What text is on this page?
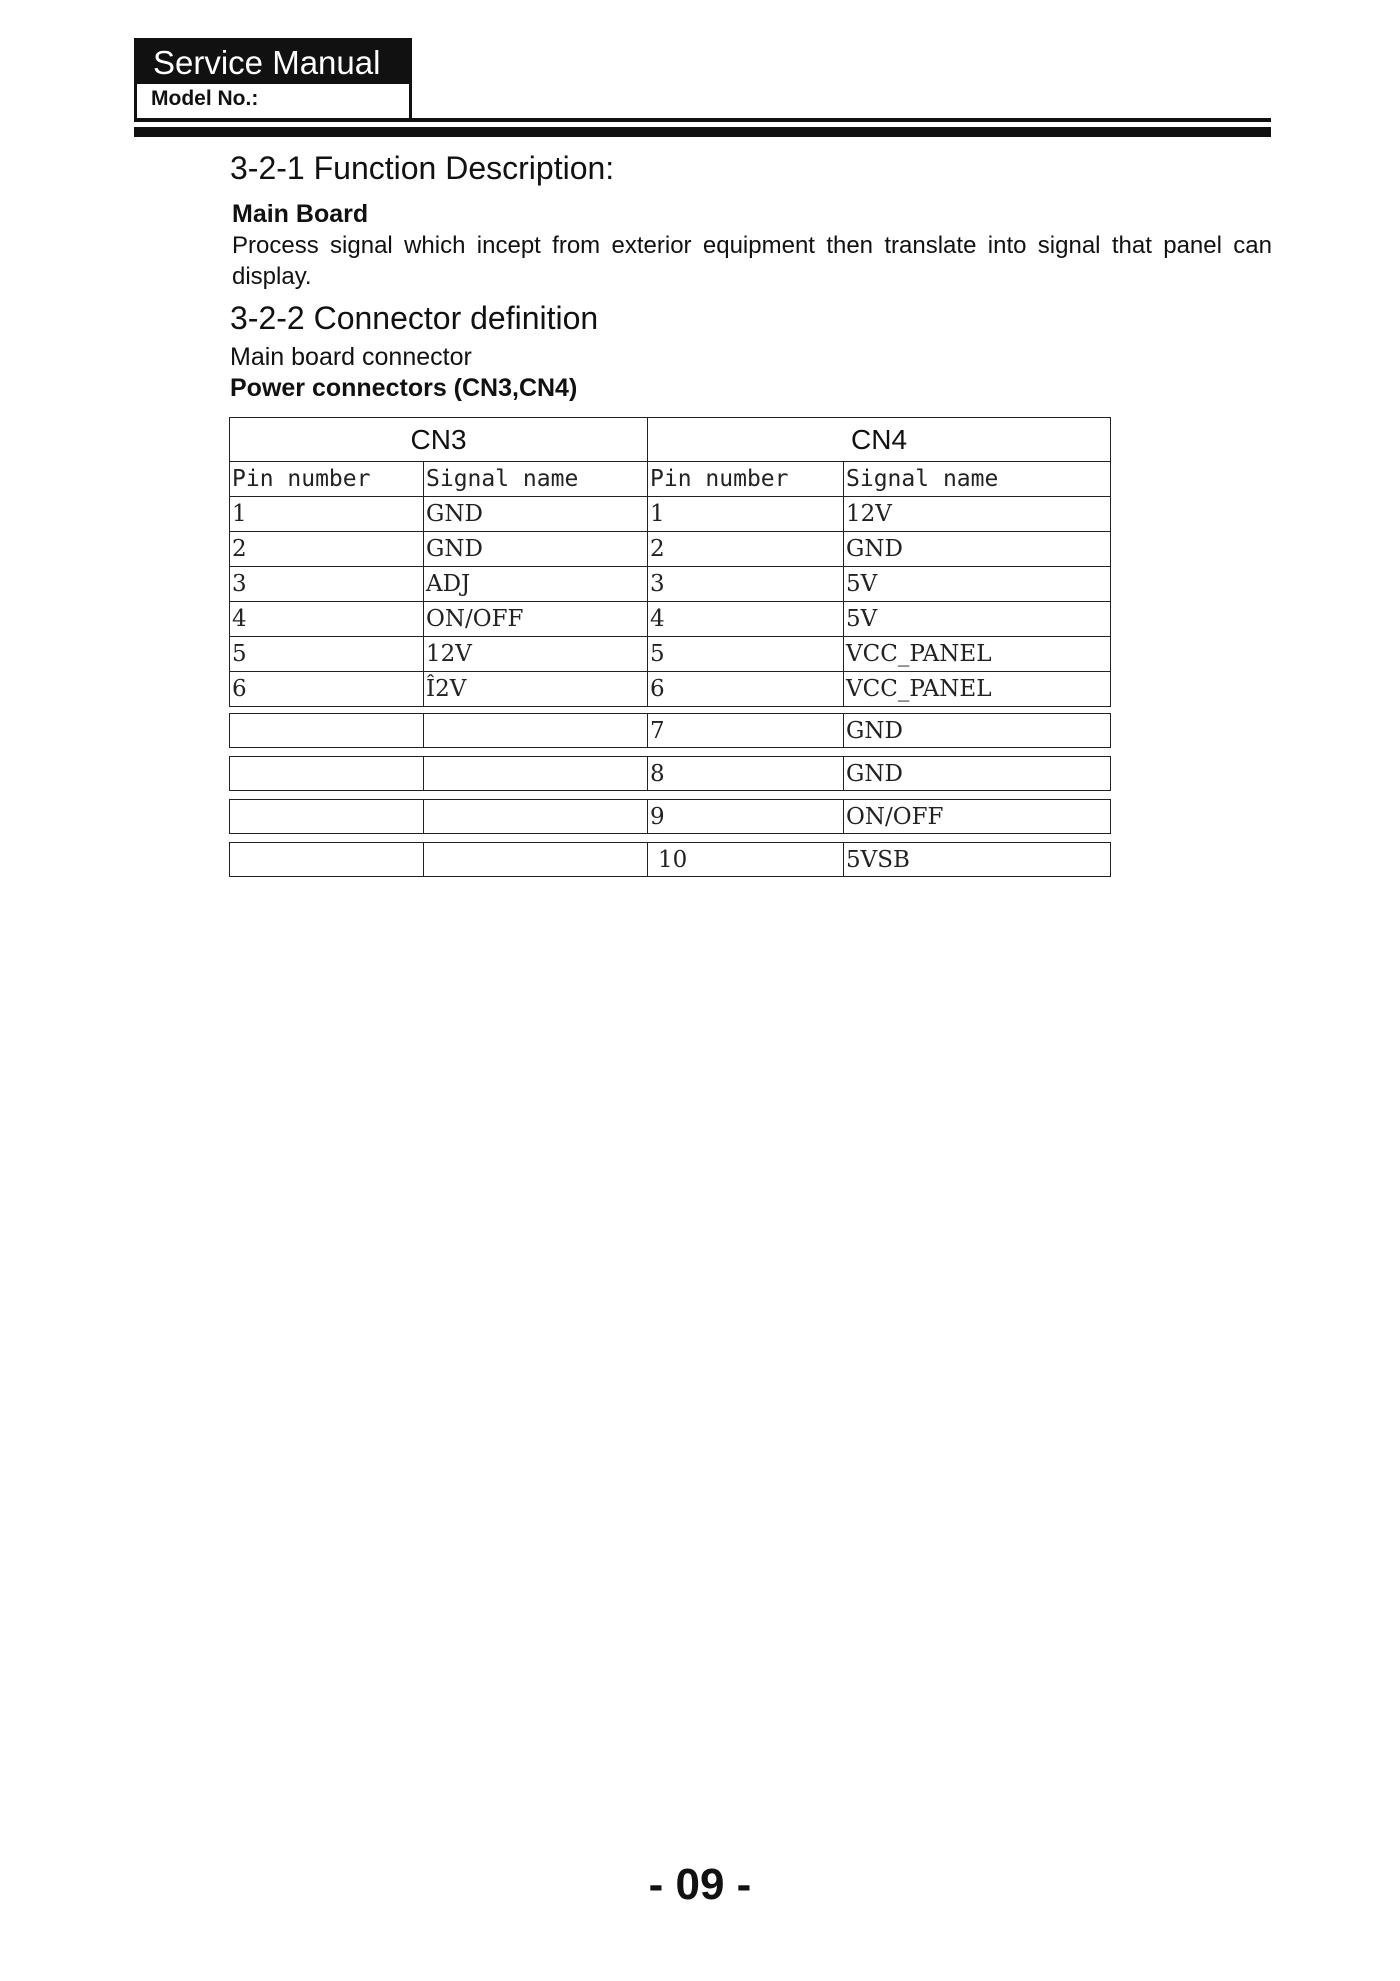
Service Manual
Model No.:
3-2-1 Function Description:
Main Board
Process signal which incept from exterior equipment then translate into signal that panel can display.
3-2-2 Connector definition
Main board connector
Power connectors (CN3,CN4)
CN3		CN4	
Pin number	Signal name	Pin number	Signal name
1	GND	1	12V
2	GND	2	GND
3	ADJ	3	5V
4	ON/OFF	4	5V
5	12V	5	VCC_PANEL
6	Î2V	6	VCC_PANEL
		7	GND
		8	GND
		9	ON/OFF
		10	5VSB
- 09 -
